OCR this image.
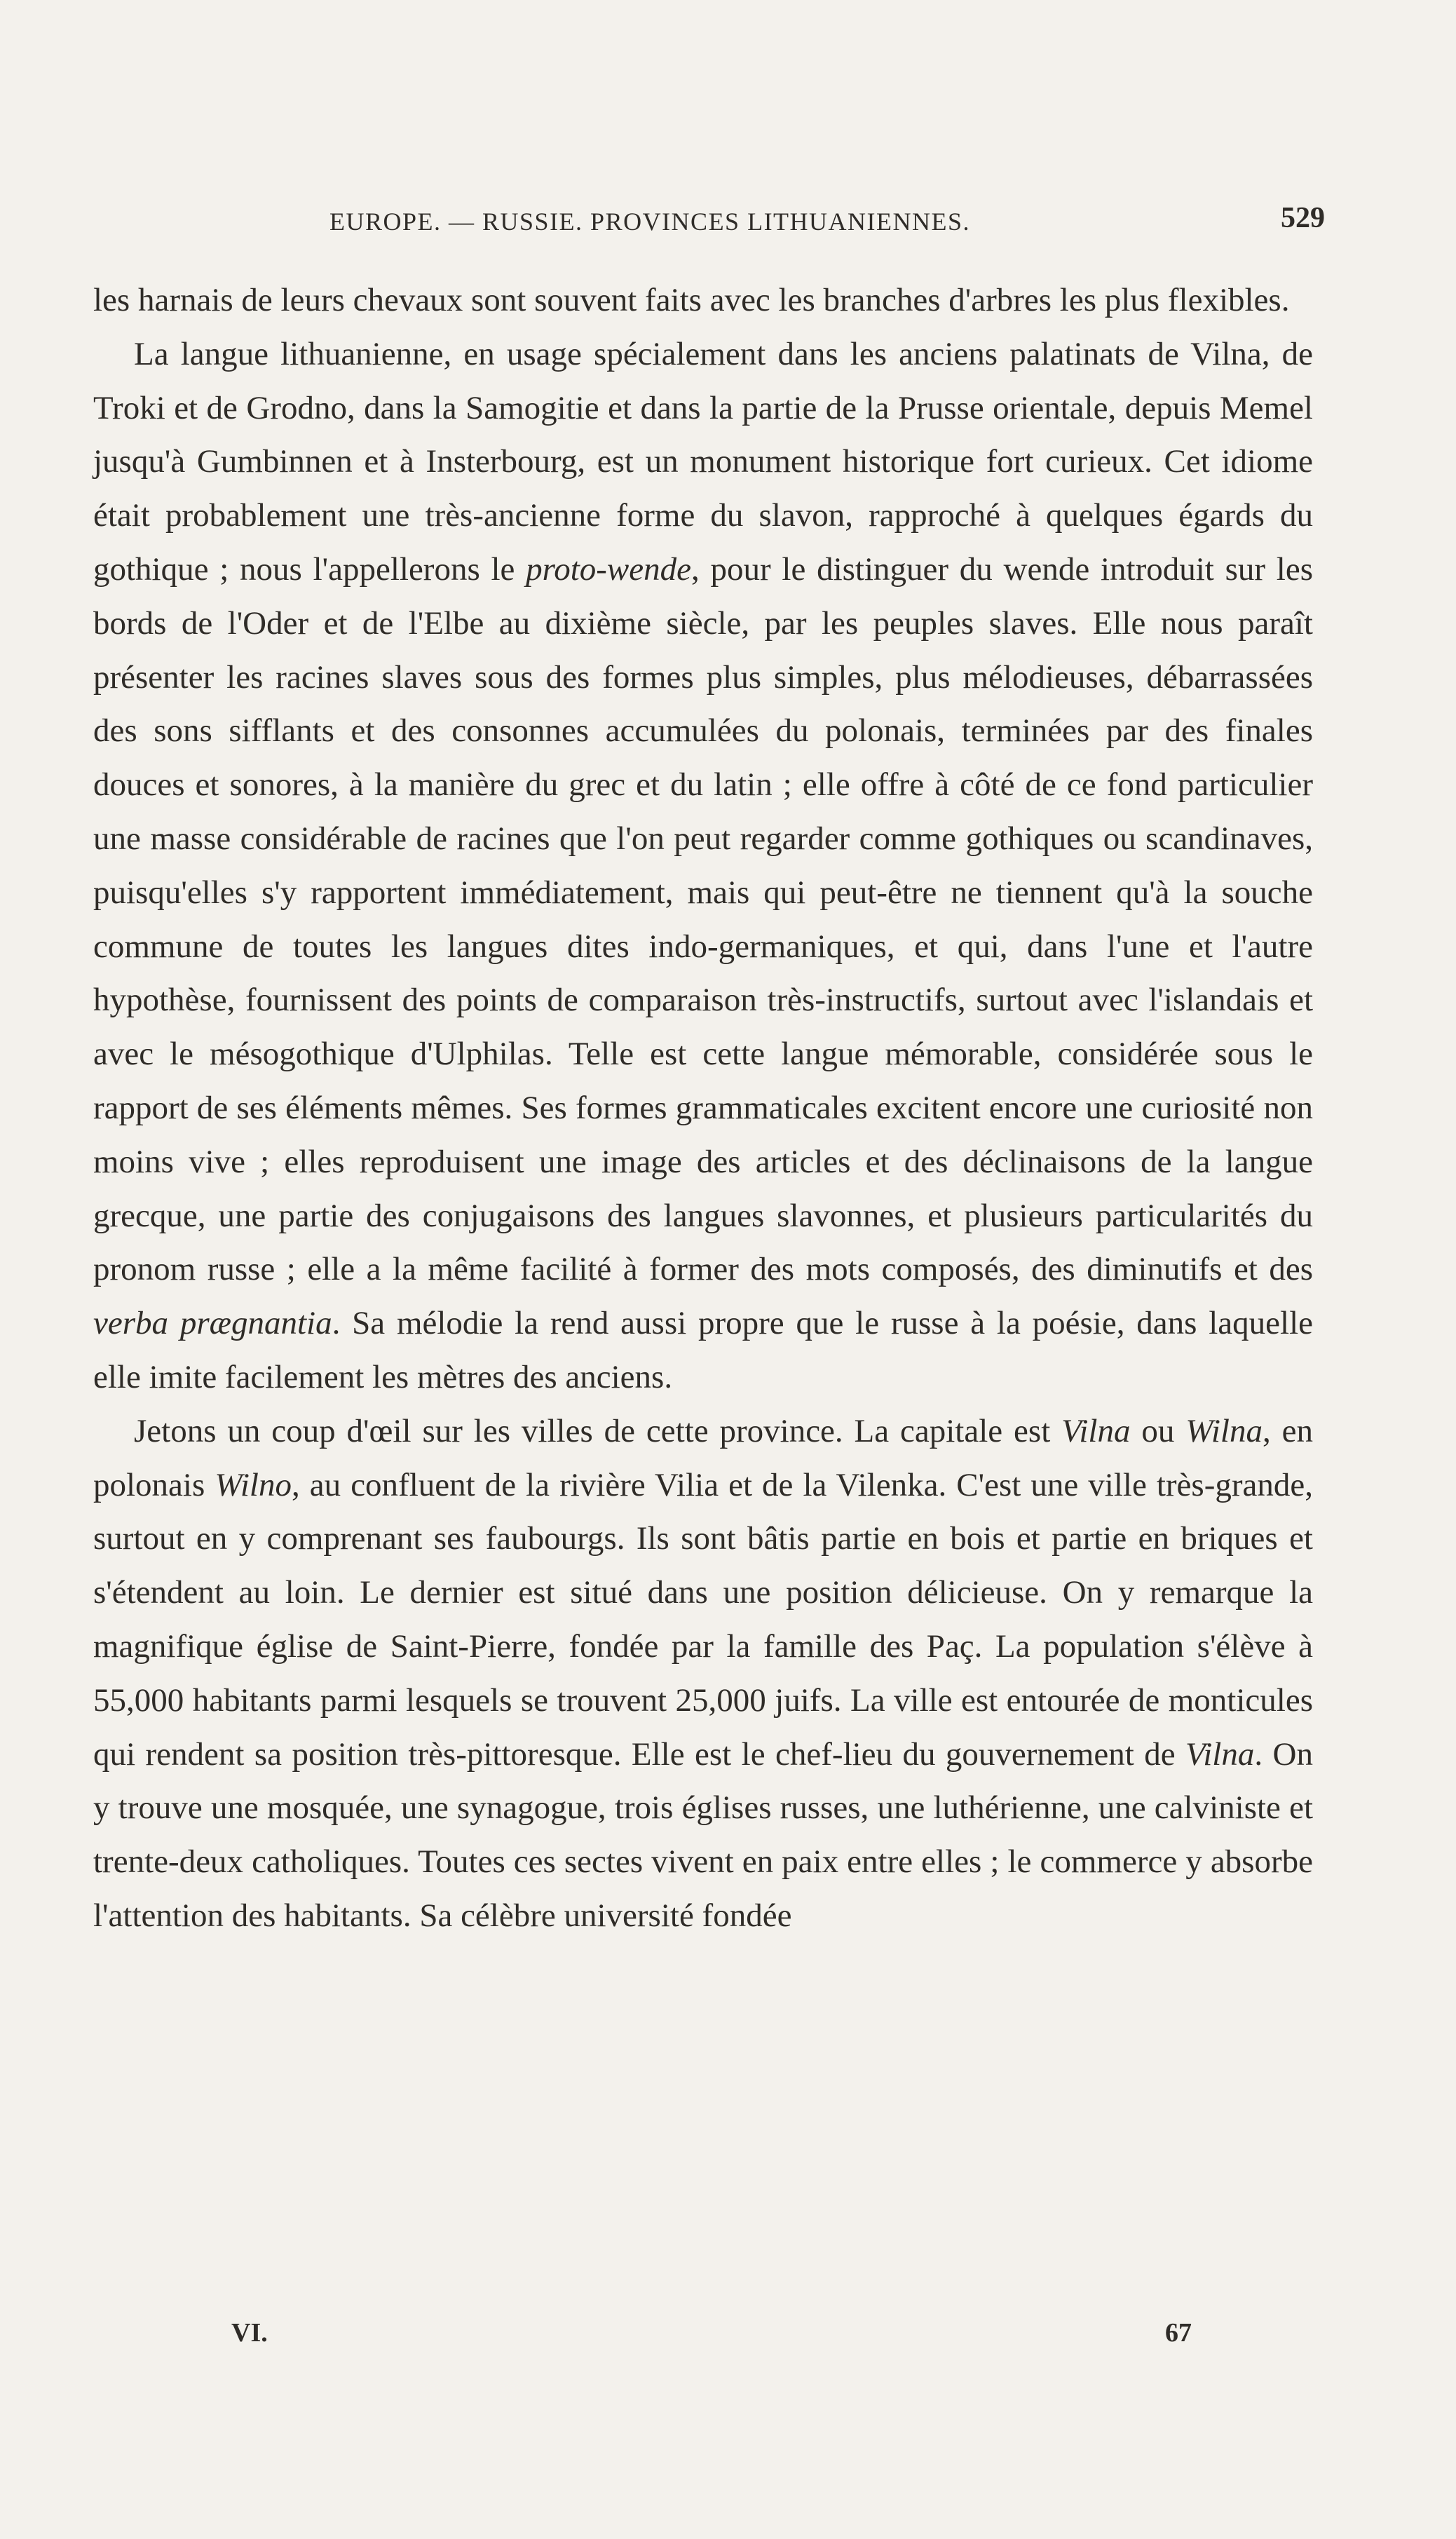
EUROPE. — RUSSIE. PROVINCES LITHUANIENNES.	529

les harnais de leurs chevaux sont souvent faits avec les branches d'arbres les plus flexibles.

La langue lithuanienne, en usage spécialement dans les anciens palatinats de Vilna, de Troki et de Grodno, dans la Samogitie et dans la partie de la Prusse orientale, depuis Memel jusqu'à Gumbinnen et à Insterbourg, est un monument historique fort curieux. Cet idiome était probablement une très-ancienne forme du slavon, rapproché à quelques égards du gothique ; nous l'appellerons le proto-wende, pour le distinguer du wende introduit sur les bords de l'Oder et de l'Elbe au dixième siècle, par les peuples slaves. Elle nous paraît présenter les racines slaves sous des formes plus simples, plus mélodieuses, débarrassées des sons sifflants et des consonnes accumulées du polonais, terminées par des finales douces et sonores, à la manière du grec et du latin ; elle offre à côté de ce fond particulier une masse considérable de racines que l'on peut regarder comme gothiques ou scandinaves, puisqu'elles s'y rapportent immédiatement, mais qui peut-être ne tiennent qu'à la souche commune de toutes les langues dites indo-germaniques, et qui, dans l'une et l'autre hypothèse, fournissent des points de comparaison très-instructifs, surtout avec l'islandais et avec le mésogothique d'Ulphilas. Telle est cette langue mémorable, considérée sous le rapport de ses éléments mêmes. Ses formes grammaticales excitent encore une curiosité non moins vive ; elles reproduisent une image des articles et des déclinaisons de la langue grecque, une partie des conjugaisons des langues slavonnes, et plusieurs particularités du pronom russe ; elle a la même facilité à former des mots composés, des diminutifs et des verba prægnantia. Sa mélodie la rend aussi propre que le russe à la poésie, dans laquelle elle imite facilement les mètres des anciens.

Jetons un coup d'œil sur les villes de cette province. La capitale est Vilna ou Wilna, en polonais Wilno, au confluent de la rivière Vilia et de la Vilenka. C'est une ville très-grande, surtout en y comprenant ses faubourgs. Ils sont bâtis partie en bois et partie en briques et s'étendent au loin. Le dernier est situé dans une position délicieuse. On y remarque la magnifique église de Saint-Pierre, fondée par la famille des Paç. La population s'élève à 55,000 habitants parmi lesquels se trouvent 25,000 juifs. La ville est entourée de monticules qui rendent sa position très-pittoresque. Elle est le chef-lieu du gouvernement de Vilna. On y trouve une mosquée, une synagogue, trois églises russes, une luthérienne, une calviniste et trente-deux catholiques. Toutes ces sectes vivent en paix entre elles ; le commerce y absorbe l'attention des habitants. Sa célèbre université fondée

VI.	67
